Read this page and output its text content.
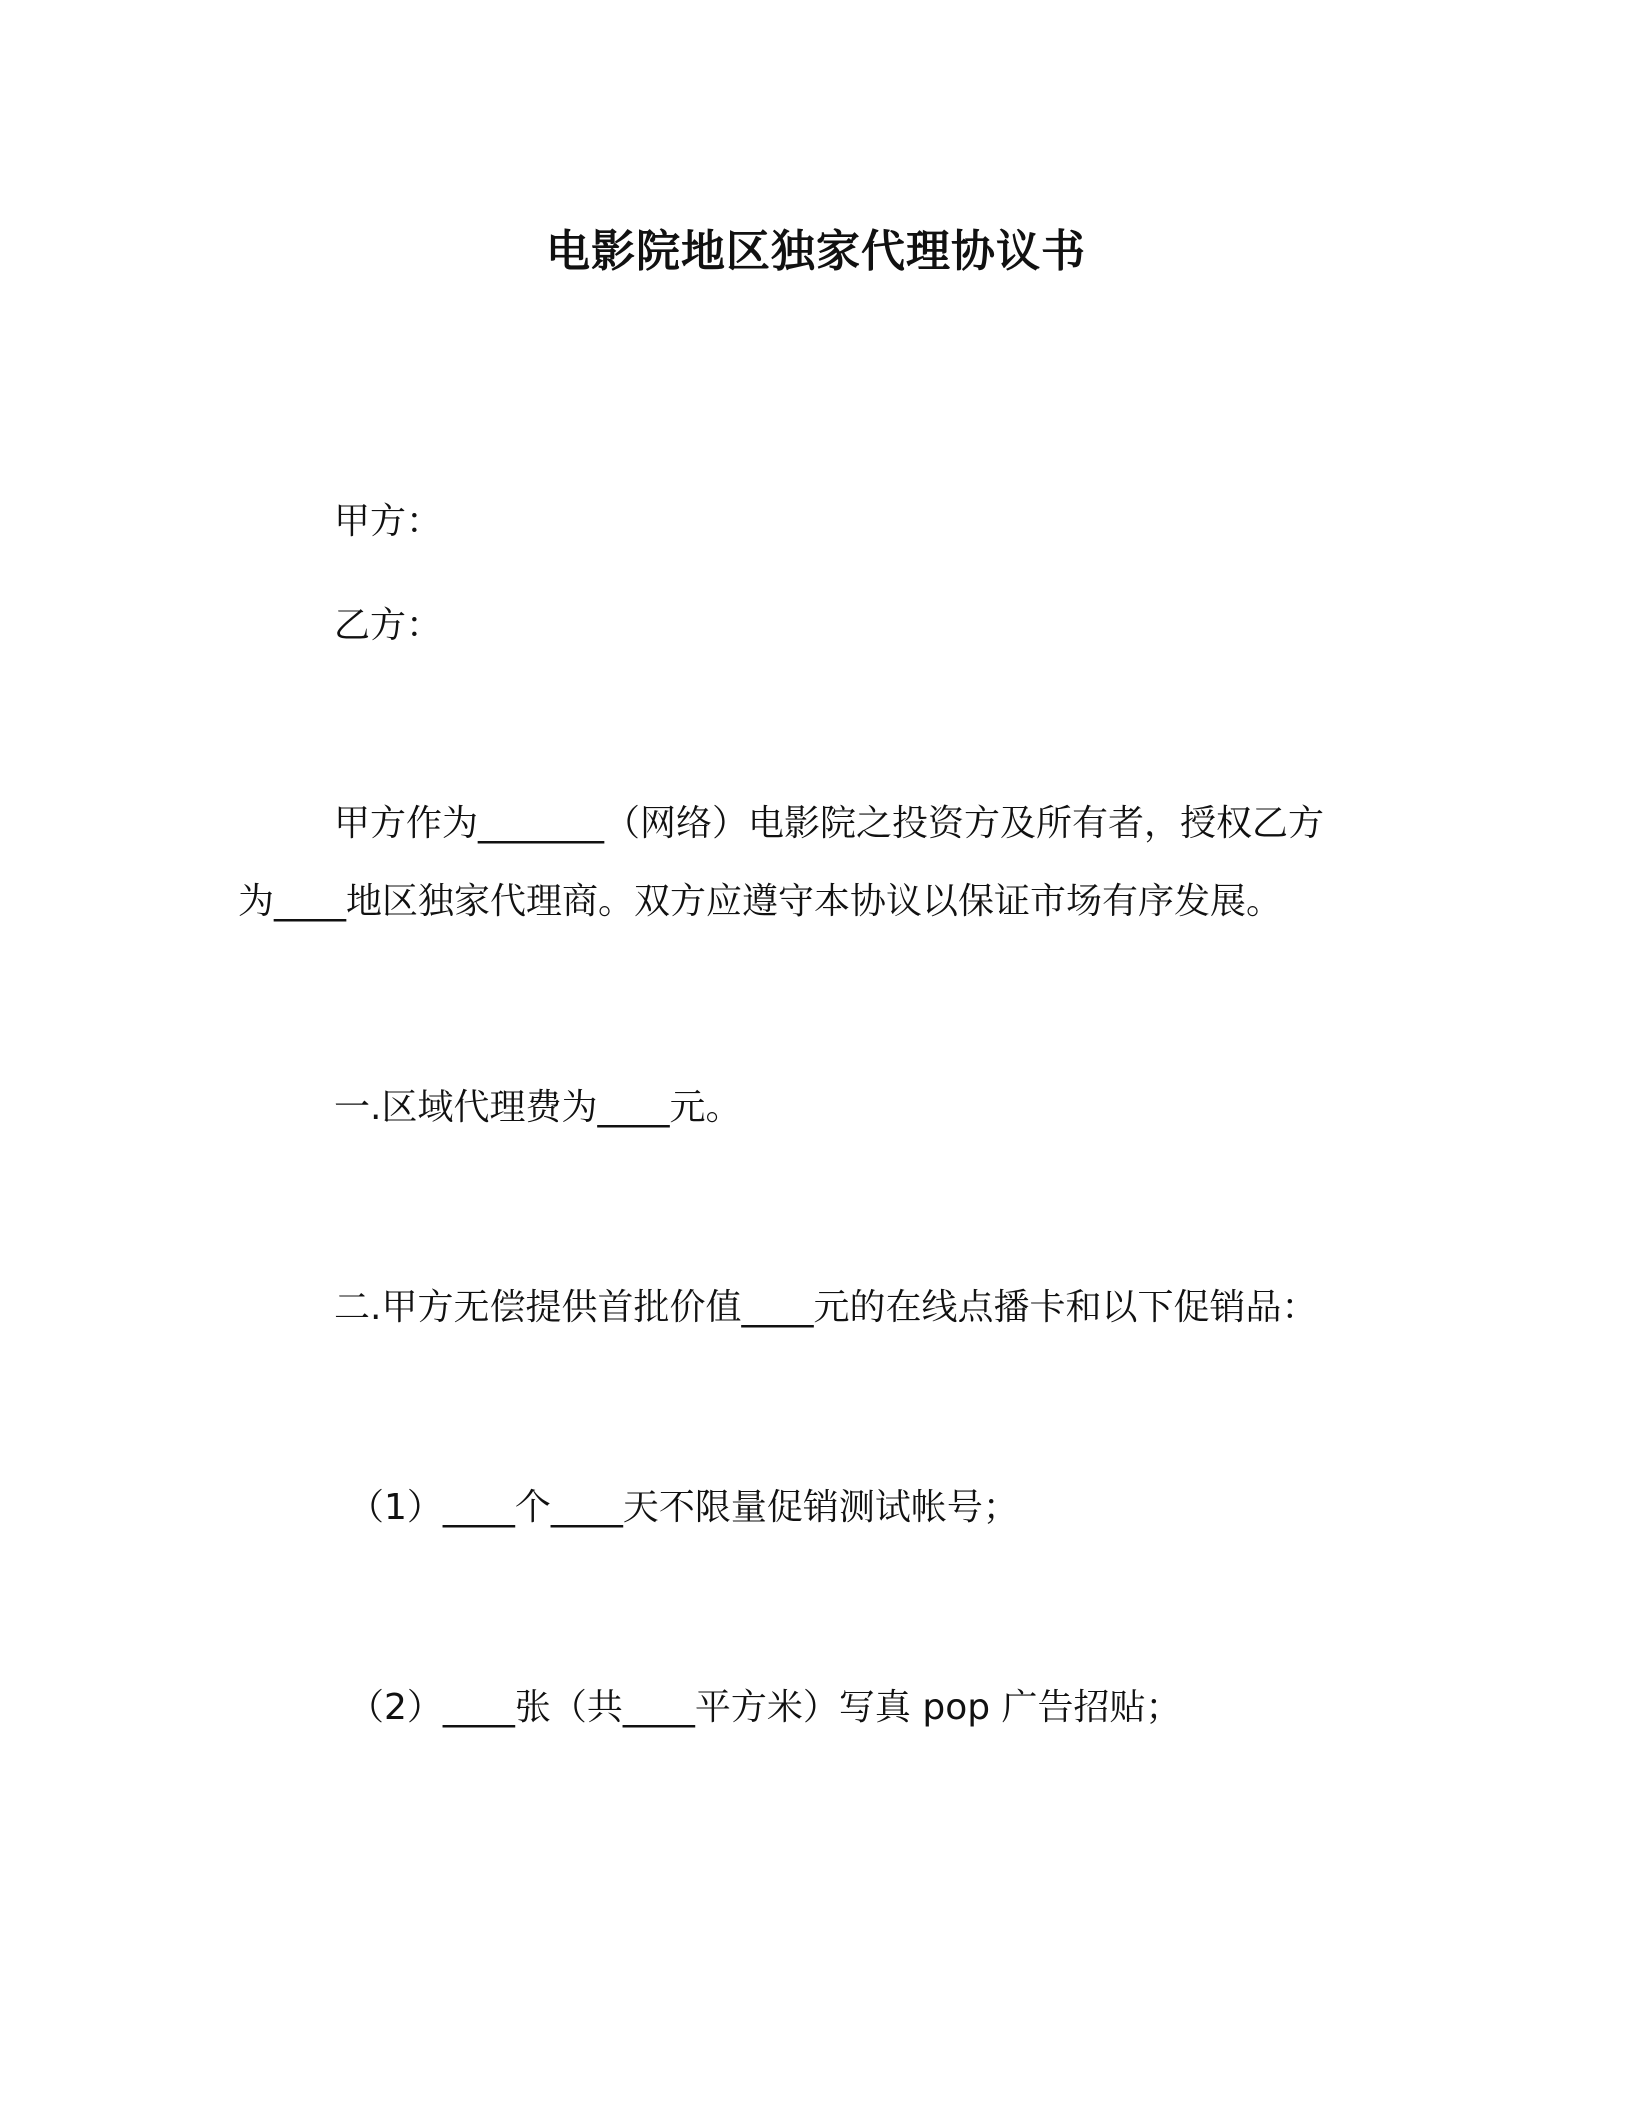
电影院地区独家代理协议书
甲方：
乙方：
甲方作为_______（网络）电影院之投资方及所有者，授权乙方
为____地区独家代理商。双方应遵守本协议以保证市场有序发展。
一.区域代理费为____元。
二.甲方无偿提供首批价值____元的在线点播卡和以下促销品：
（1）____个____天不限量促销测试帐号；
（2）____张（共____平方米）写真 pop 广告招贴；
